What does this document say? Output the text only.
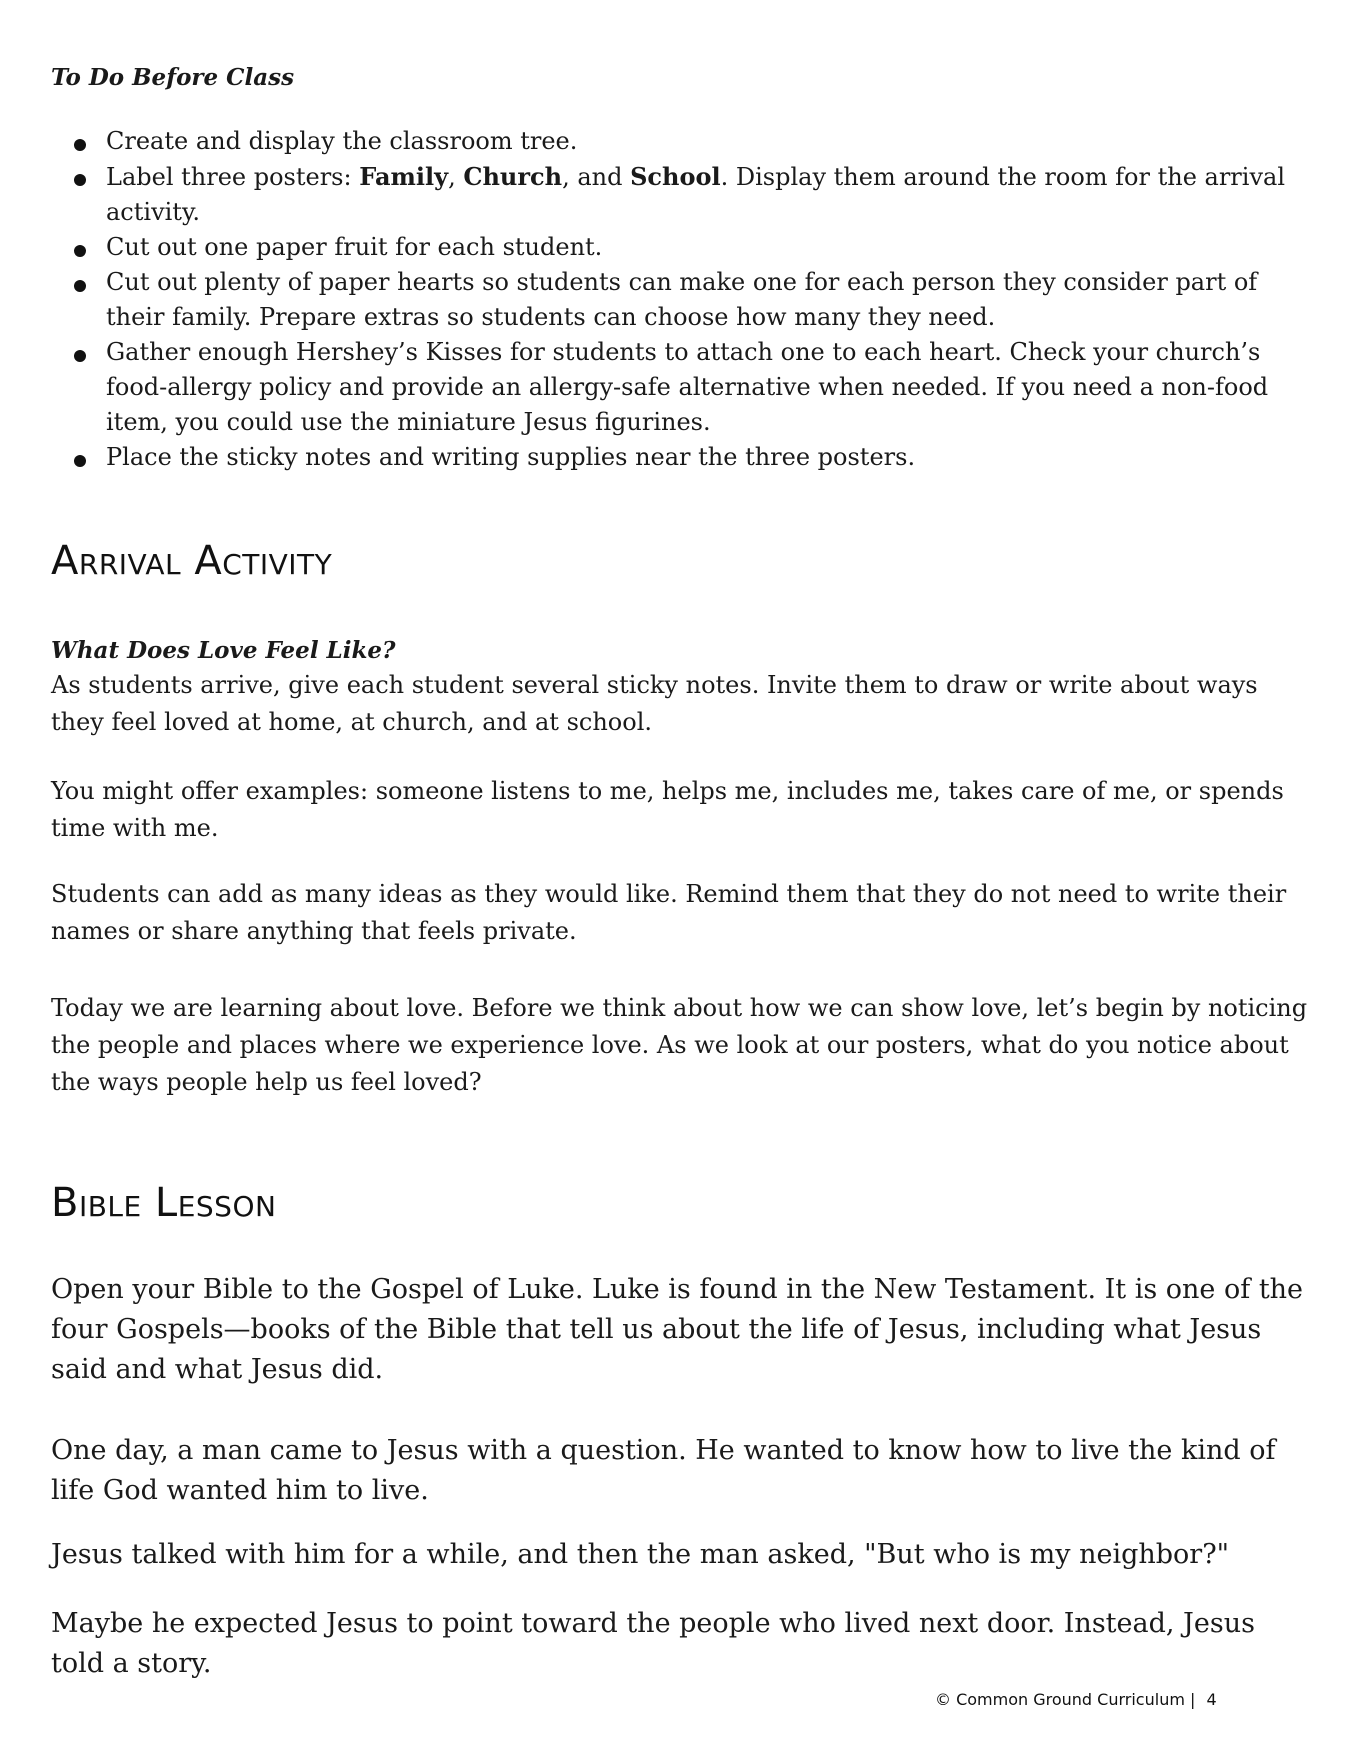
To Do Before Class
Create and display the classroom tree.
Label three posters: Family, Church, and School. Display them around the room for the arrival activity.
Cut out one paper fruit for each student.
Cut out plenty of paper hearts so students can make one for each person they consider part of their family. Prepare extras so students can choose how many they need.
Gather enough Hershey’s Kisses for students to attach one to each heart. Check your church’s food-allergy policy and provide an allergy-safe alternative when needed. If you need a non-food item, you could use the miniature Jesus figurines.
Place the sticky notes and writing supplies near the three posters.
Arrival Activity
What Does Love Feel Like?

As students arrive, give each student several sticky notes. Invite them to draw or write about ways they feel loved at home, at church, and at school.

You might offer examples: someone listens to me, helps me, includes me, takes care of me, or spends time with me.

Students can add as many ideas as they would like. Remind them that they do not need to write their names or share anything that feels private.

Today we are learning about love. Before we think about how we can show love, let’s begin by noticing the people and places where we experience love. As we look at our posters, what do you notice about the ways people help us feel loved?

Bible Lesson

Open your Bible to the Gospel of Luke. Luke is found in the New Testament. It is one of the four Gospels—books of the Bible that tell us about the life of Jesus, including what Jesus said and what Jesus did.

One day, a man came to Jesus with a question. He wanted to know how to live the kind of life God wanted him to live.

Jesus talked with him for a while, and then the man asked, "But who is my neighbor?"

Maybe he expected Jesus to point toward the people who lived next door. Instead, Jesus told a story.

© Common Ground Curriculum | 4
